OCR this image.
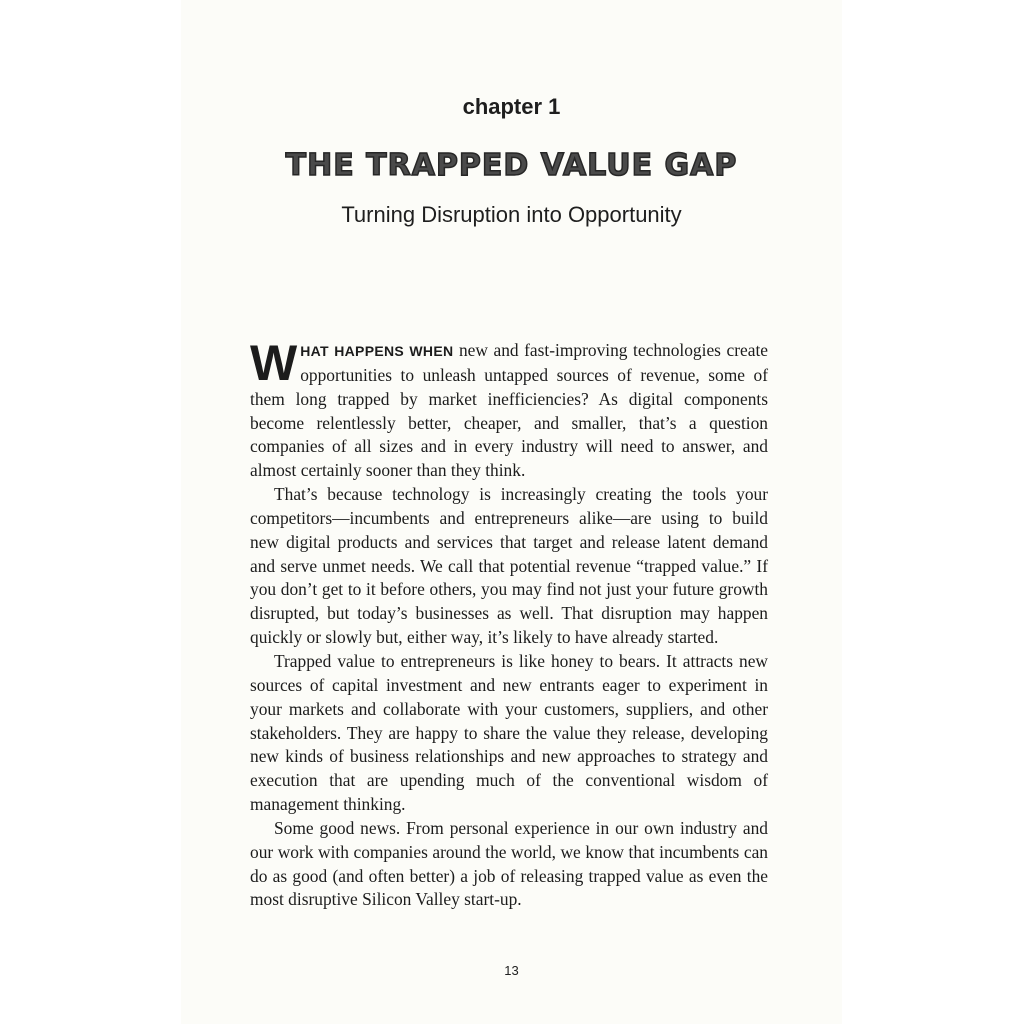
chapter 1
THE TRAPPED VALUE GAP
Turning Disruption into Opportunity

WHAT HAPPENS WHEN new and fast-improving technologies create opportunities to unleash untapped sources of revenue, some of them long trapped by market inefficiencies? As digital components become relentlessly better, cheaper, and smaller, that’s a question companies of all sizes and in every industry will need to answer, and almost certainly sooner than they think.

That’s because technology is increasingly creating the tools your competitors—incumbents and entrepreneurs alike—are using to build new digital products and services that target and release latent demand and serve unmet needs. We call that potential revenue “trapped value.” If you don’t get to it before others, you may find not just your future growth disrupted, but today’s businesses as well. That disruption may happen quickly or slowly but, either way, it’s likely to have already started.

Trapped value to entrepreneurs is like honey to bears. It attracts new sources of capital investment and new entrants eager to experiment in your markets and collaborate with your customers, suppliers, and other stakeholders. They are happy to share the value they release, developing new kinds of business relationships and new approaches to strategy and execution that are upending much of the conventional wisdom of management thinking.

Some good news. From personal experience in our own industry and our work with companies around the world, we know that incumbents can do as good (and often better) a job of releasing trapped value as even the most disruptive Silicon Valley start-up.

13
